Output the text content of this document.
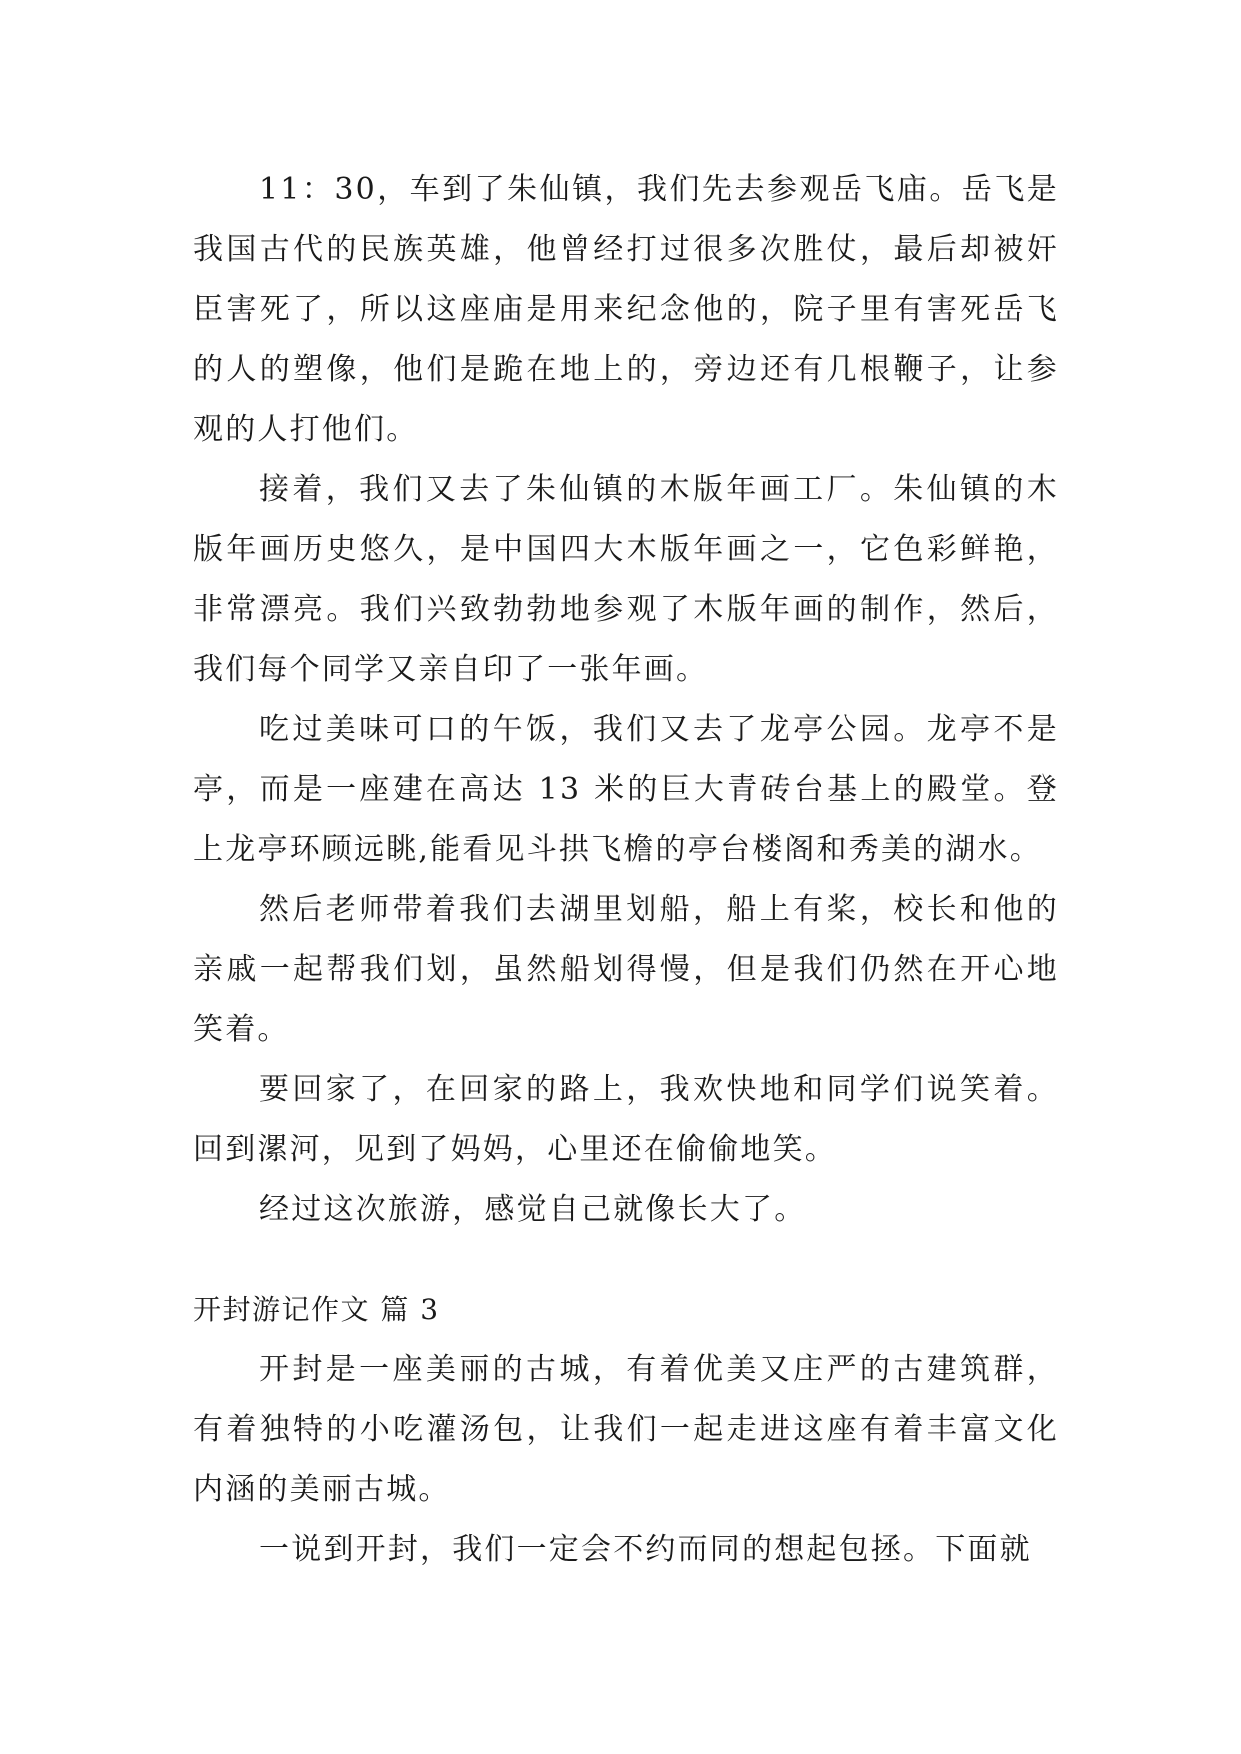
11：30，车到了朱仙镇，我们先去参观岳飞庙。岳飞是我国古代的民族英雄，他曾经打过很多次胜仗，最后却被奸臣害死了，所以这座庙是用来纪念他的，院子里有害死岳飞的人的塑像，他们是跪在地上的，旁边还有几根鞭子，让参观的人打他们。

接着，我们又去了朱仙镇的木版年画工厂。朱仙镇的木版年画历史悠久，是中国四大木版年画之一，它色彩鲜艳，非常漂亮。我们兴致勃勃地参观了木版年画的制作，然后，我们每个同学又亲自印了一张年画。

吃过美味可口的午饭，我们又去了龙亭公园。龙亭不是亭，而是一座建在高达 13 米的巨大青砖台基上的殿堂。登上龙亭环顾远眺,能看见斗拱飞檐的亭台楼阁和秀美的湖水。

然后老师带着我们去湖里划船，船上有桨，校长和他的亲戚一起帮我们划，虽然船划得慢，但是我们仍然在开心地笑着。

要回家了，在回家的路上，我欢快地和同学们说笑着。回到漯河，见到了妈妈，心里还在偷偷地笑。

经过这次旅游，感觉自己就像长大了。

开封游记作文 篇 3

开封是一座美丽的古城，有着优美又庄严的古建筑群，有着独特的小吃灌汤包，让我们一起走进这座有着丰富文化内涵的美丽古城。

一说到开封，我们一定会不约而同的想起包拯。下面就
